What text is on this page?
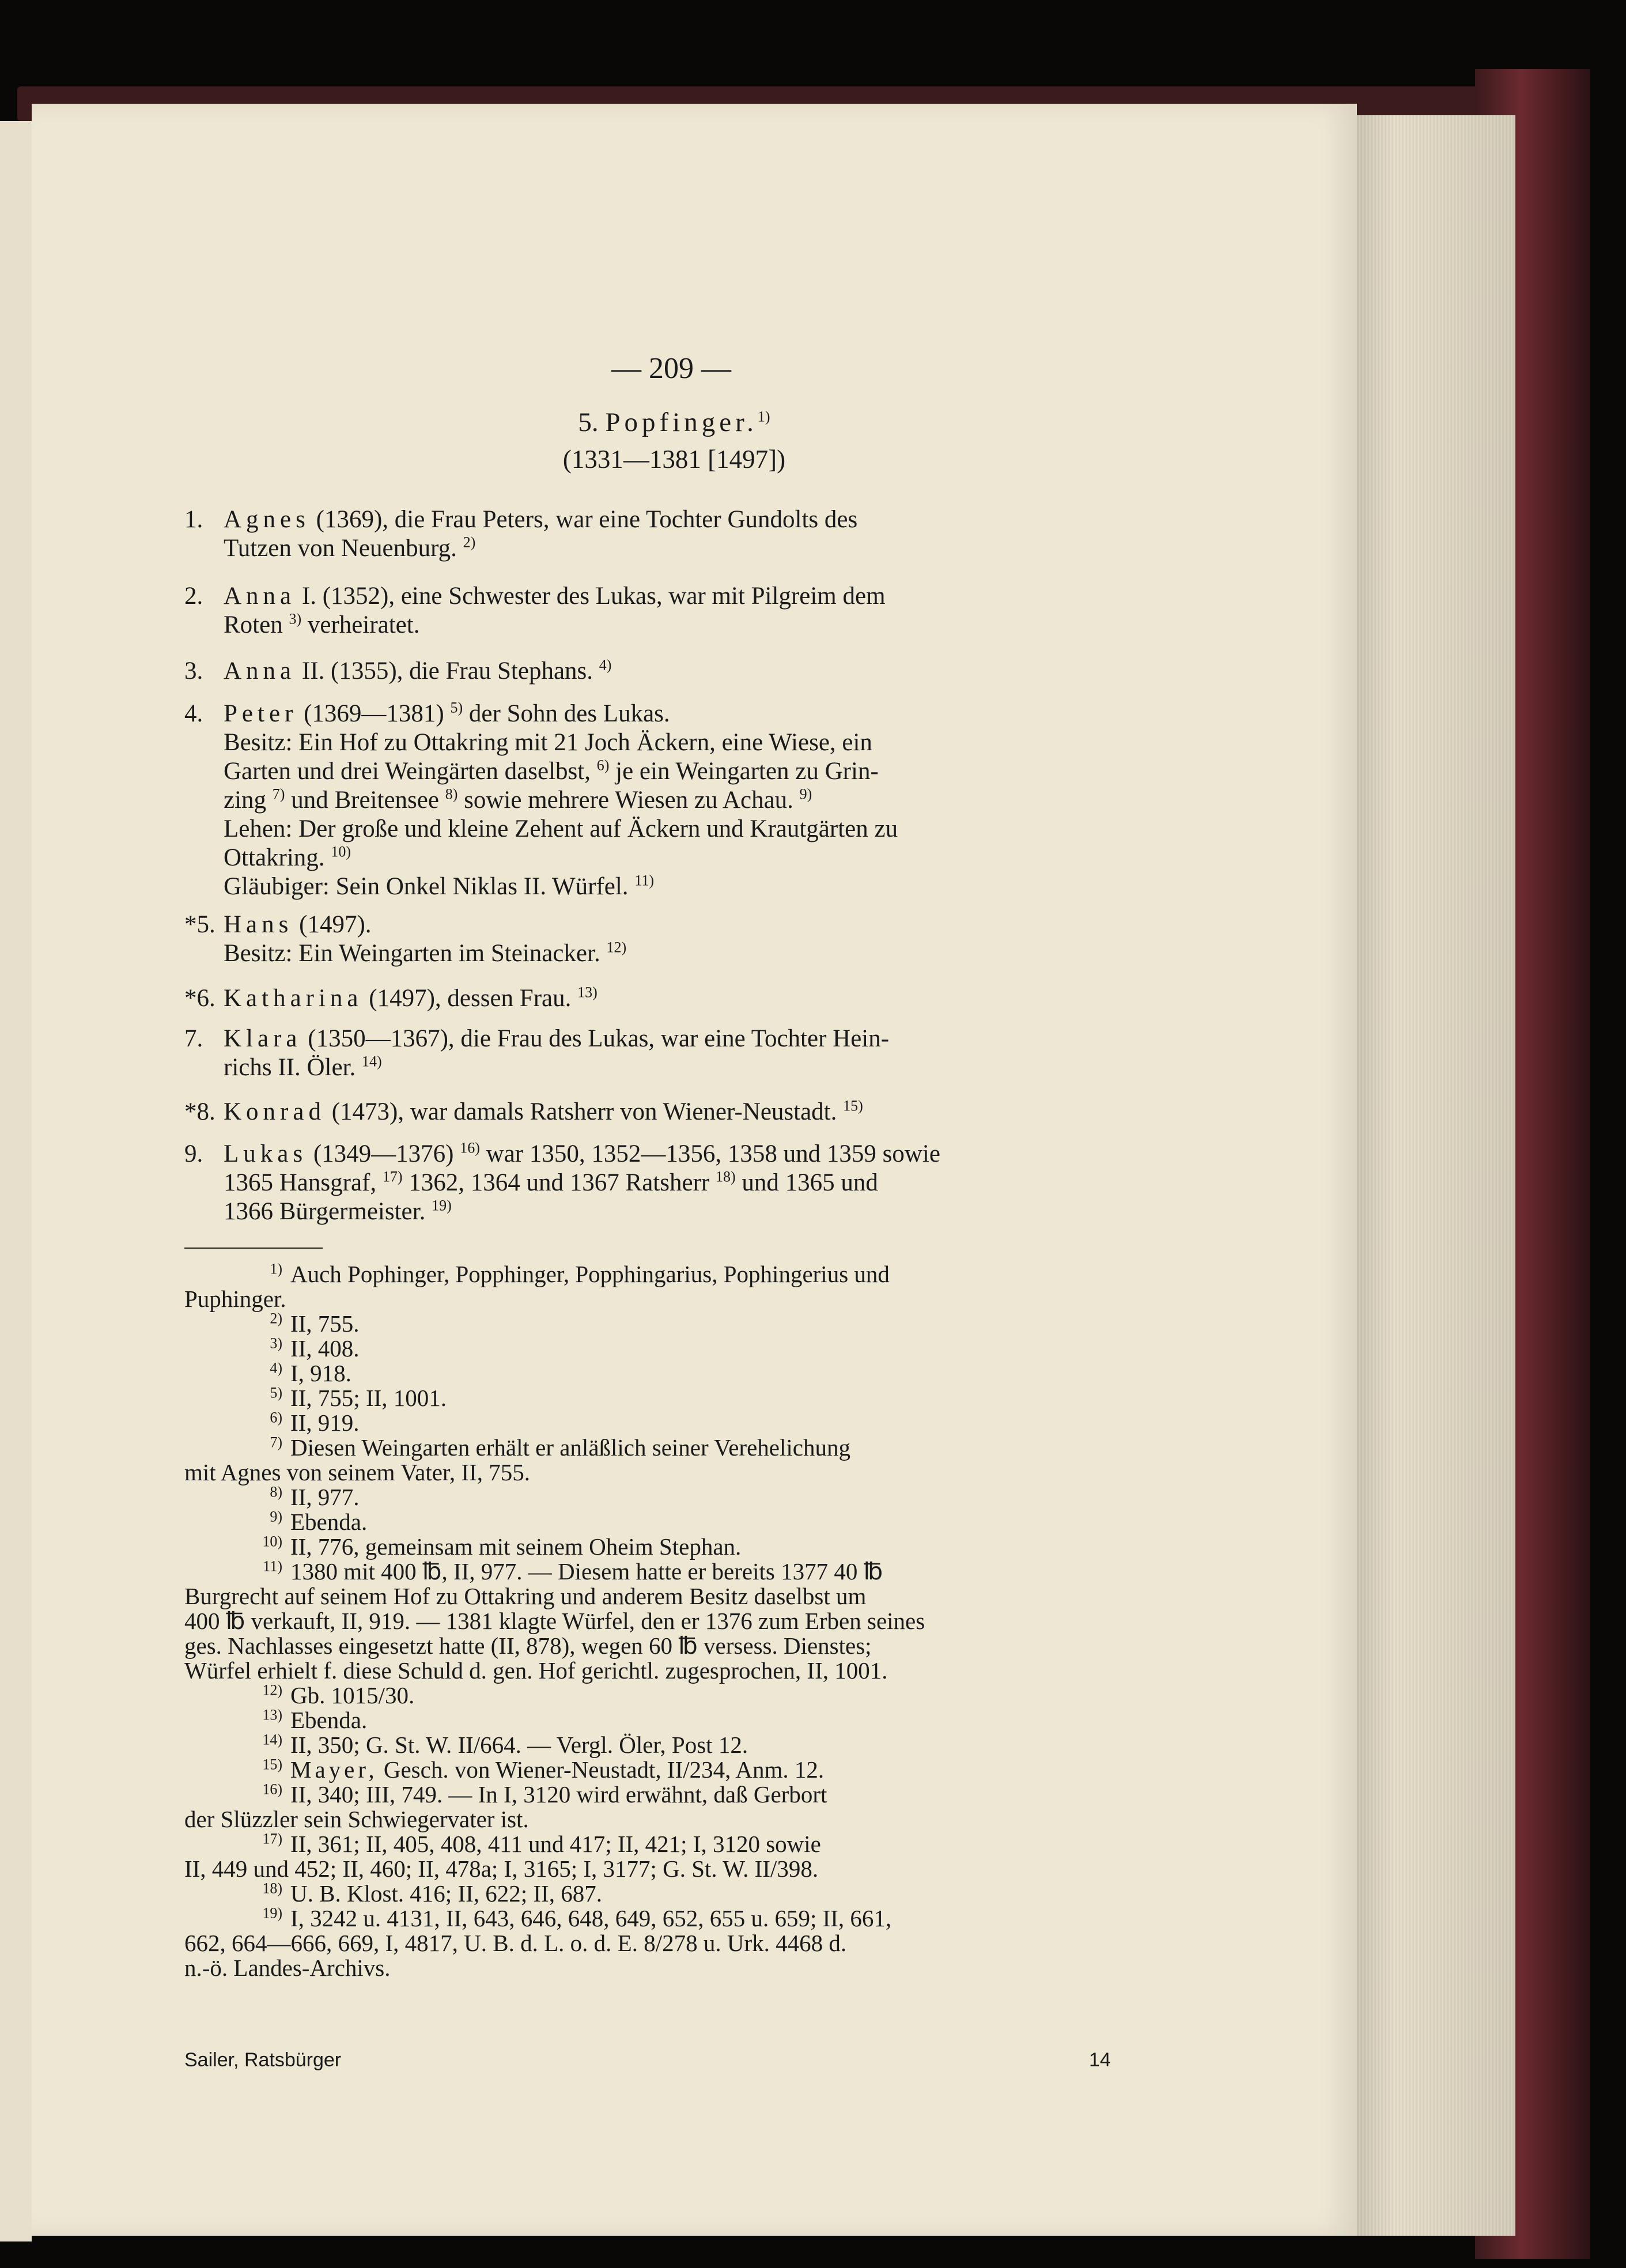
— 209 —
5. Popfinger.$^{1)}$
(1331—1381 [1497])
1. Agnes (1369), die Frau Peters, war eine Tochter Gundolts des
Tutzen von Neuenburg. $^{2)}$
2. Anna I. (1352), eine Schwester des Lukas, war mit Pilgreim dem
Roten $^{3)}$ verheiratet.
3. Anna II. (1355), die Frau Stephans. $^{4)}$
4. Peter (1369—1381) $^{5)}$ der Sohn des Lukas.
Besitz: Ein Hof zu Ottakring mit 21 Joch Äckern, eine Wiese, ein
Garten und drei Weingärten daselbst, $^{6)}$ je ein Weingarten zu Grin-
zing $^{7)}$ und Breitensee $^{8)}$ sowie mehrere Wiesen zu Achau. $^{9)}$
Lehen: Der große und kleine Zehent auf Äckern und Krautgärten zu
Ottakring. $^{10)}$
Gläubiger: Sein Onkel Niklas II. Würfel. $^{11)}$
*5. Hans (1497).
Besitz: Ein Weingarten im Steinacker. $^{12)}$
*6. Katharina (1497), dessen Frau. $^{13)}$
7. Klara (1350—1367), die Frau des Lukas, war eine Tochter Hein-
richs II. Öler. $^{14)}$
*8. Konrad (1473), war damals Ratsherr von Wiener-Neustadt. $^{15)}$
9. Lukas (1349—1376) $^{16)}$ war 1350, 1352—1356, 1358 und 1359 sowie
1365 Hansgraf, $^{17)}$ 1362, 1364 und 1367 Ratsherr $^{18)}$ und 1365 und
1366 Bürgermeister. $^{19)}$
$^{1)}$ Auch Pophinger, Popphinger, Popphingarius, Pophingerius und
Puphinger.
$^{2)}$ II, 755.
$^{3)}$ II, 408.
$^{4)}$ I, 918.
$^{5)}$ II, 755; II, 1001.
$^{6)}$ II, 919.
$^{7)}$ Diesen Weingarten erhält er anläßlich seiner Verehelichung
mit Agnes von seinem Vater, II, 755.
$^{8)}$ II, 977.
$^{9)}$ Ebenda.
$^{10)}$ II, 776, gemeinsam mit seinem Oheim Stephan.
$^{11)}$ 1380 mit 400 ℔, II, 977. — Diesem hatte er bereits 1377 40 ℔
Burgrecht auf seinem Hof zu Ottakring und anderem Besitz daselbst um
400 ℔ verkauft, II, 919. — 1381 klagte Würfel, den er 1376 zum Erben seines
ges. Nachlasses eingesetzt hatte (II, 878), wegen 60 ℔ versess. Dienstes;
Würfel erhielt f. diese Schuld d. gen. Hof gerichtl. zugesprochen, II, 1001.
$^{12)}$ Gb. 1015/30.
$^{13)}$ Ebenda.
$^{14)}$ II, 350; G. St. W. II/664. — Vergl. Öler, Post 12.
$^{15)}$ Mayer, Gesch. von Wiener-Neustadt, II/234, Anm. 12.
$^{16)}$ II, 340; III, 749. — In I, 3120 wird erwähnt, daß Gerbort
der Slüzzler sein Schwiegervater ist.
$^{17)}$ II, 361; II, 405, 408, 411 und 417; II, 421; I, 3120 sowie
II, 449 und 452; II, 460; II, 478a; I, 3165; I, 3177; G. St. W. II/398.
$^{18)}$ U. B. Klost. 416; II, 622; II, 687.
$^{19)}$ I, 3242 u. 4131, II, 643, 646, 648, 649, 652, 655 u. 659; II, 661,
662, 664—666, 669, I, 4817, U. B. d. L. o. d. E. 8/278 u. Urk. 4468 d.
n.-ö. Landes-Archivs.
Sailer, Ratsbürger	14
